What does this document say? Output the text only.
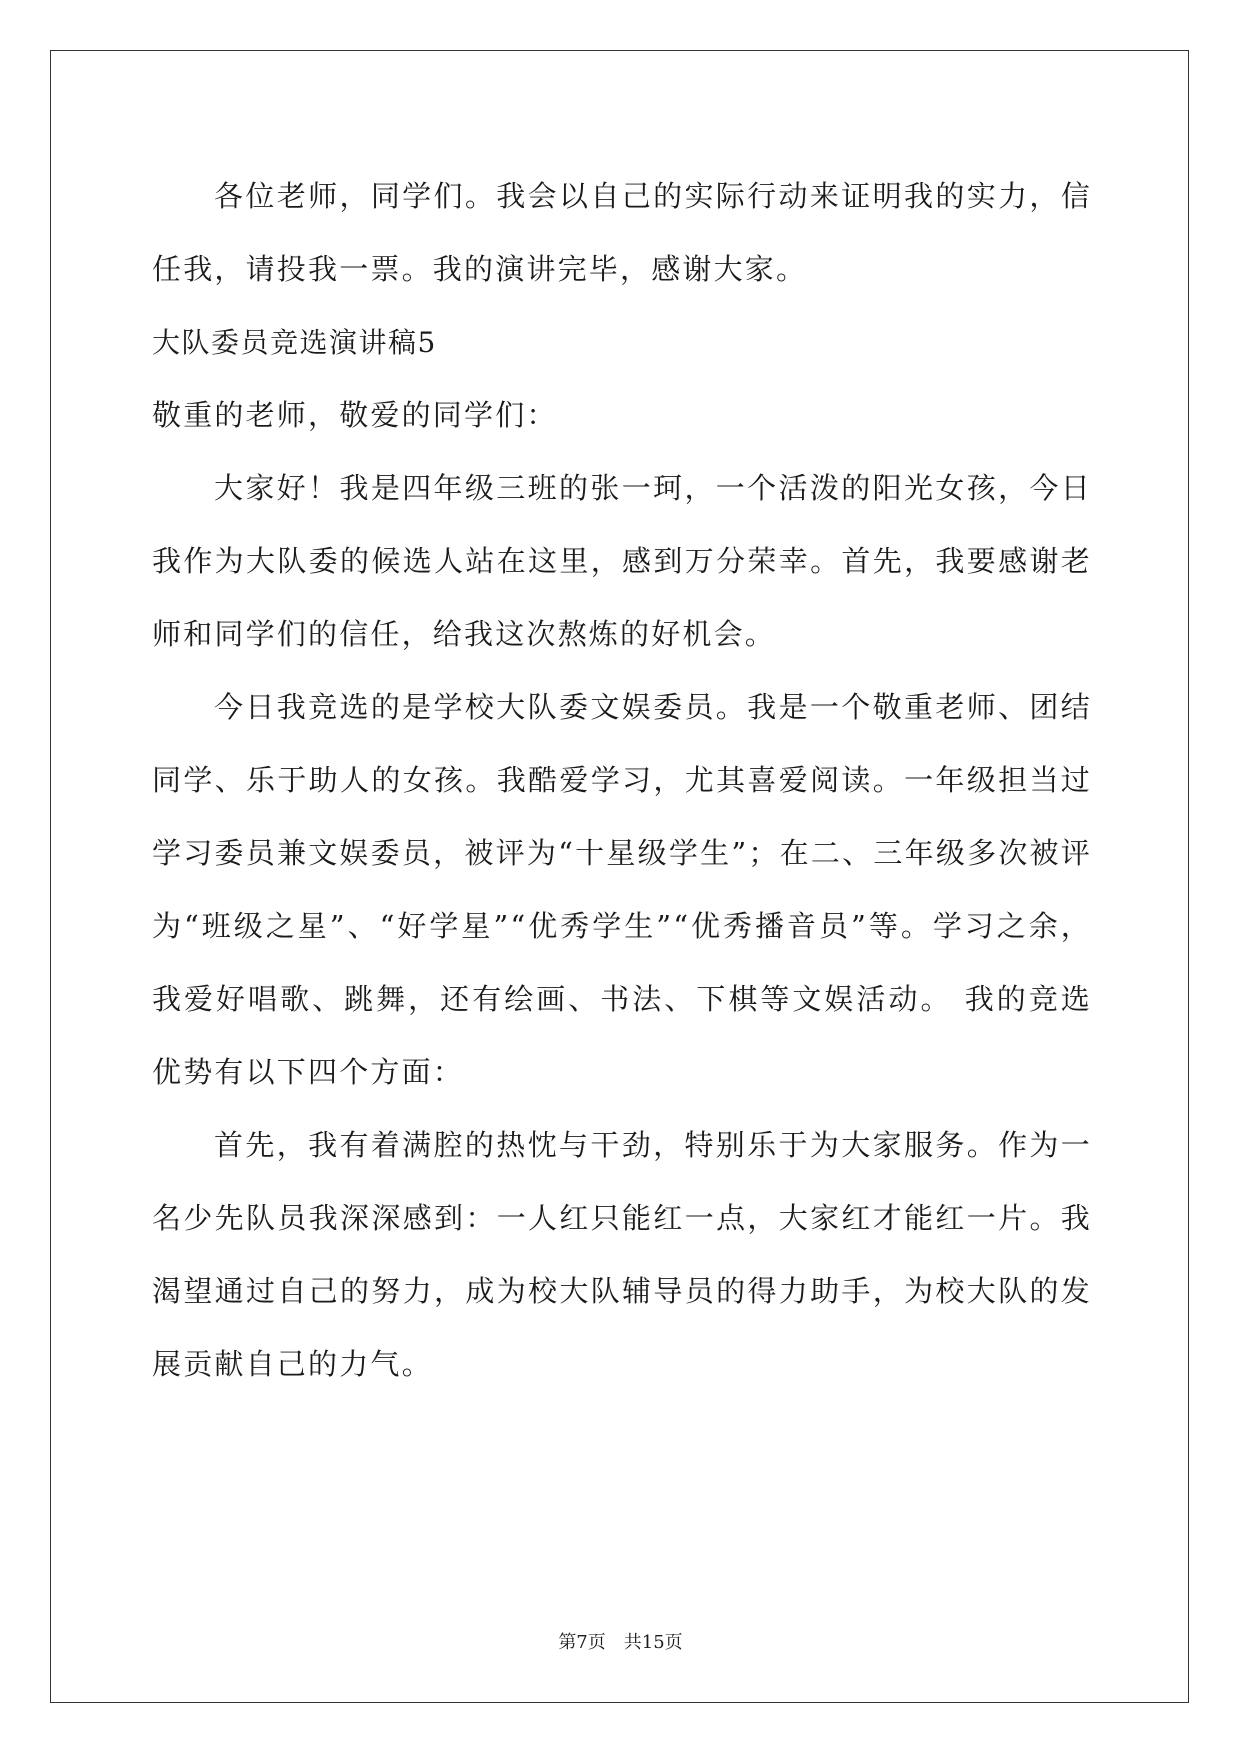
各位老师，同学们。我会以自己的实际行动来证明我的实力，信任我，请投我一票。我的演讲完毕，感谢大家。

大队委员竞选演讲稿5

敬重的老师，敬爱的同学们：

大家好！我是四年级三班的张一珂，一个活泼的阳光女孩，今日我作为大队委的候选人站在这里，感到万分荣幸。首先，我要感谢老师和同学们的信任，给我这次熬炼的好机会。

今日我竞选的是学校大队委文娱委员。我是一个敬重老师、团结同学、乐于助人的女孩。我酷爱学习，尤其喜爱阅读。一年级担当过学习委员兼文娱委员，被评为“十星级学生”；在二、三年级多次被评为“班级之星”、“好学星”“优秀学生”“优秀播音员”等。学习之余，我爱好唱歌、跳舞，还有绘画、书法、下棋等文娱活动。 我的竞选优势有以下四个方面：

首先，我有着满腔的热忱与干劲，特别乐于为大家服务。作为一名少先队员我深深感到：一人红只能红一点，大家红才能红一片。我渴望通过自己的努力，成为校大队辅导员的得力助手，为校大队的发展贡献自己的力气。

第7页　共15页
